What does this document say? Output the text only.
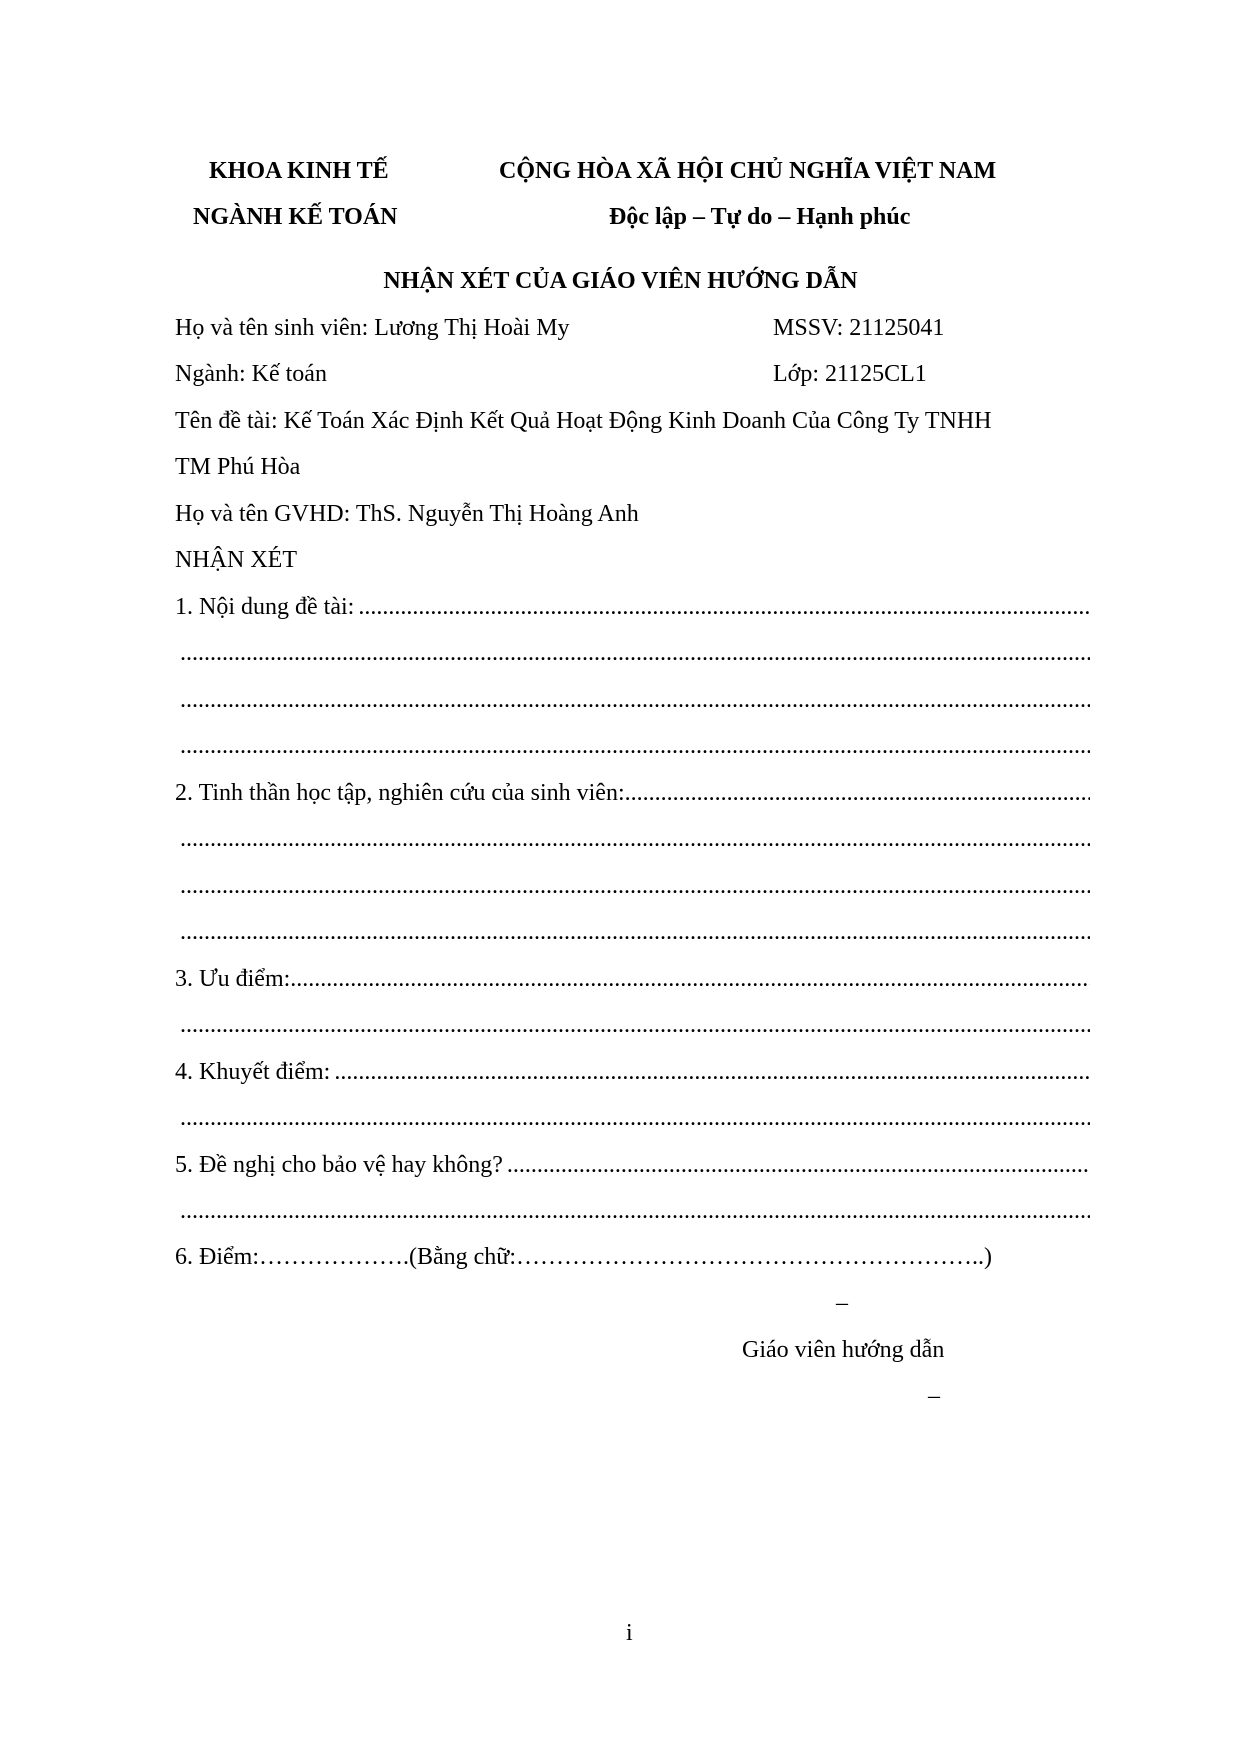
KHOA KINH TẾ
NGÀNH KẾ TOÁN
CỘNG HÒA XÃ HỘI CHỦ NGHĨA VIỆT NAM
Độc lập – Tự do – Hạnh phúc
NHẬN XÉT CỦA GIÁO VIÊN HƯỚNG DẪN
Họ và tên sinh viên: Lương Thị Hoài My	MSSV: 21125041
Ngành: Kế toán	Lớp: 21125CL1
Tên đề tài: Kế Toán Xác Định Kết Quả Hoạt Động Kinh Doanh Của Công Ty TNHH
TM Phú Hòa
Họ và tên GVHD: ThS. Nguyễn Thị Hoàng Anh
NHẬN XÉT
1. Nội dung đề tài:
.....
.....
.....
.....
2. Tinh thần học tập, nghiên cứu của sinh viên:
.....
.....
.....
.....
3. Ưu điểm:
.....
.....
4. Khuyết điểm:
.....
.....
5. Đề nghị cho bảo vệ hay không?
.....
.....
6. Điểm: ………………. (Bằng chữ: ………………………………………………….. )
–
Giáo viên hướng dẫn
–
i
